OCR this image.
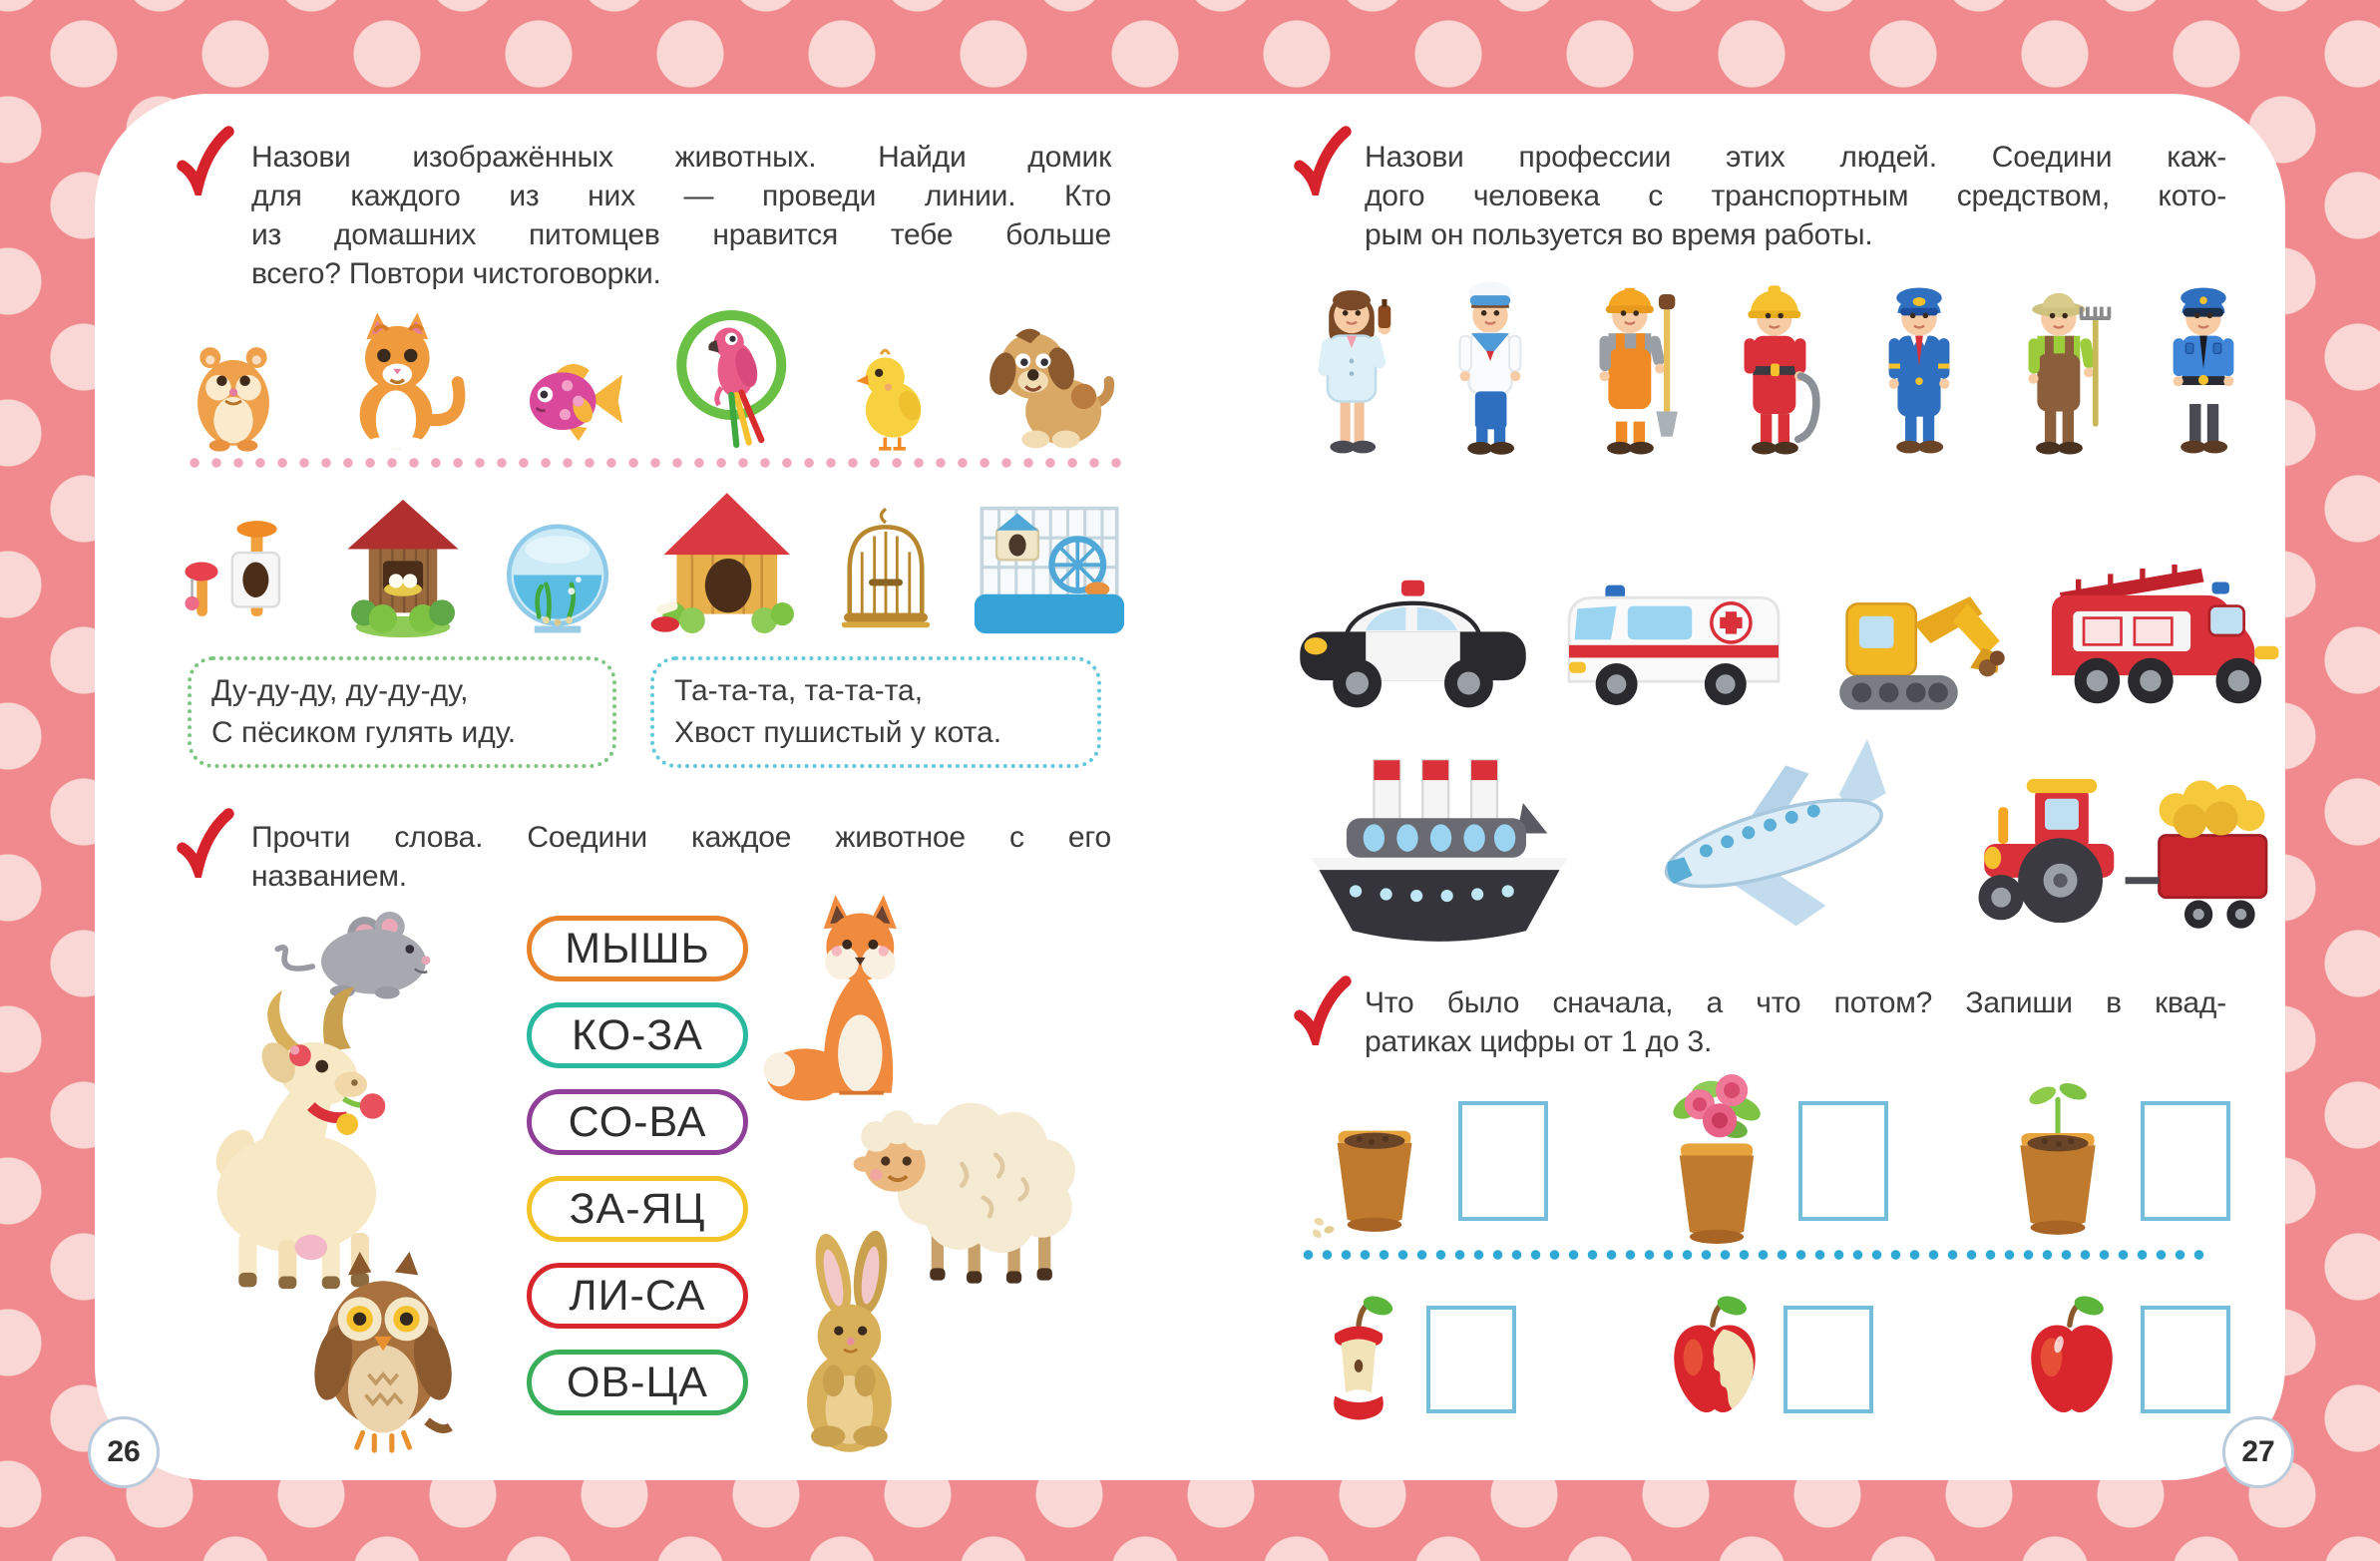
Назови изображённых животных. Найди домик
для каждого из них — проведи линии. Кто
из домашних питомцев нравится тебе больше
всего? Повтори чистоговорки.
Ду-ду-ду, ду-ду-ду,
С пёсиком гулять иду.
Та-та-та, та-та-та,
Хвост пушистый у кота.
Прочти слова. Соедини каждое животное с его
названием.
МЫШЬ
КО-ЗА
СО-ВА
ЗА-ЯЦ
ЛИ-СА
ОВ-ЦА
26
Назови профессии этих людей. Соедини каж-
дого человека с транспортным средством, кото-
рым он пользуется во время работы.
Что было сначала, а что потом? Запиши в квад-
ратиках цифры от 1 до 3.
27
